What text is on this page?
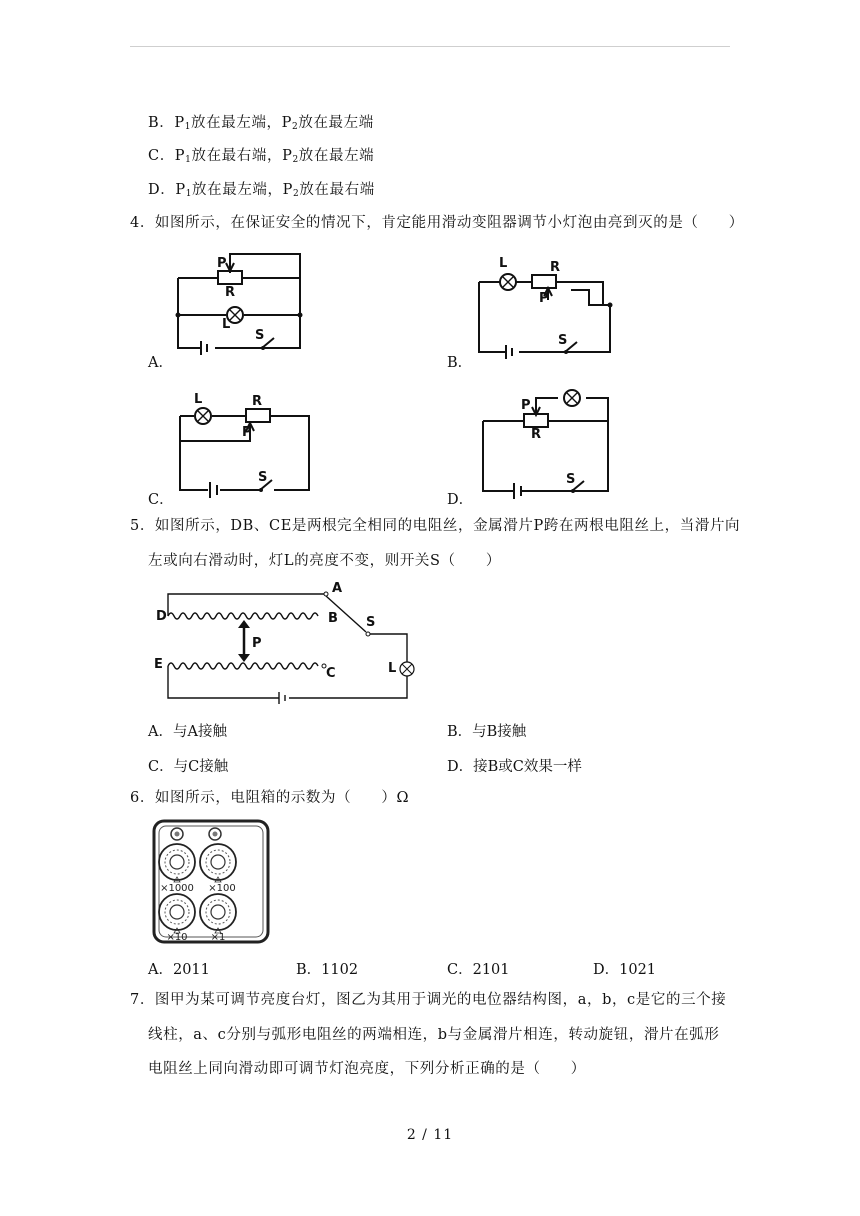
B．$P_1$放在最左端，$P_2$放在最左端
C．$P_1$放在最右端，$P_2$放在最左端
D．$P_1$放在最左端，$P_2$放在最右端
4．如图所示，在保证安全的情况下，肯定能用滑动变阻器调节小灯泡由亮到灭的是（　　）
A．
P
R
L
S
B．
L	R
P
S
C．
L	R
P
S
D．
P
R
S
5．如图所示，DB、CE是两根完全相同的电阻丝，金属滑片P跨在两根电阻丝上，当滑片向
左或向右滑动时，灯L的亮度不变，则开关S（　　）
A
B
C
D
E
P
S
L
A．与A接触	B．与B接触
C．与C接触	D．接B或C效果一样
6．如图所示，电阻箱的示数为（　　）Ω
×1000 ×100
×10 ×1
A．2011	B．1102	C．2101	D．1021
7．图甲为某可调节亮度台灯，图乙为其用于调光的电位器结构图，a，b，c是它的三个接
线柱，a、c分别与弧形电阻丝的两端相连，b与金属滑片相连，转动旋钮，滑片在弧形
电阻丝上同向滑动即可调节灯泡亮度，下列分析正确的是（　　）
2 / 11
